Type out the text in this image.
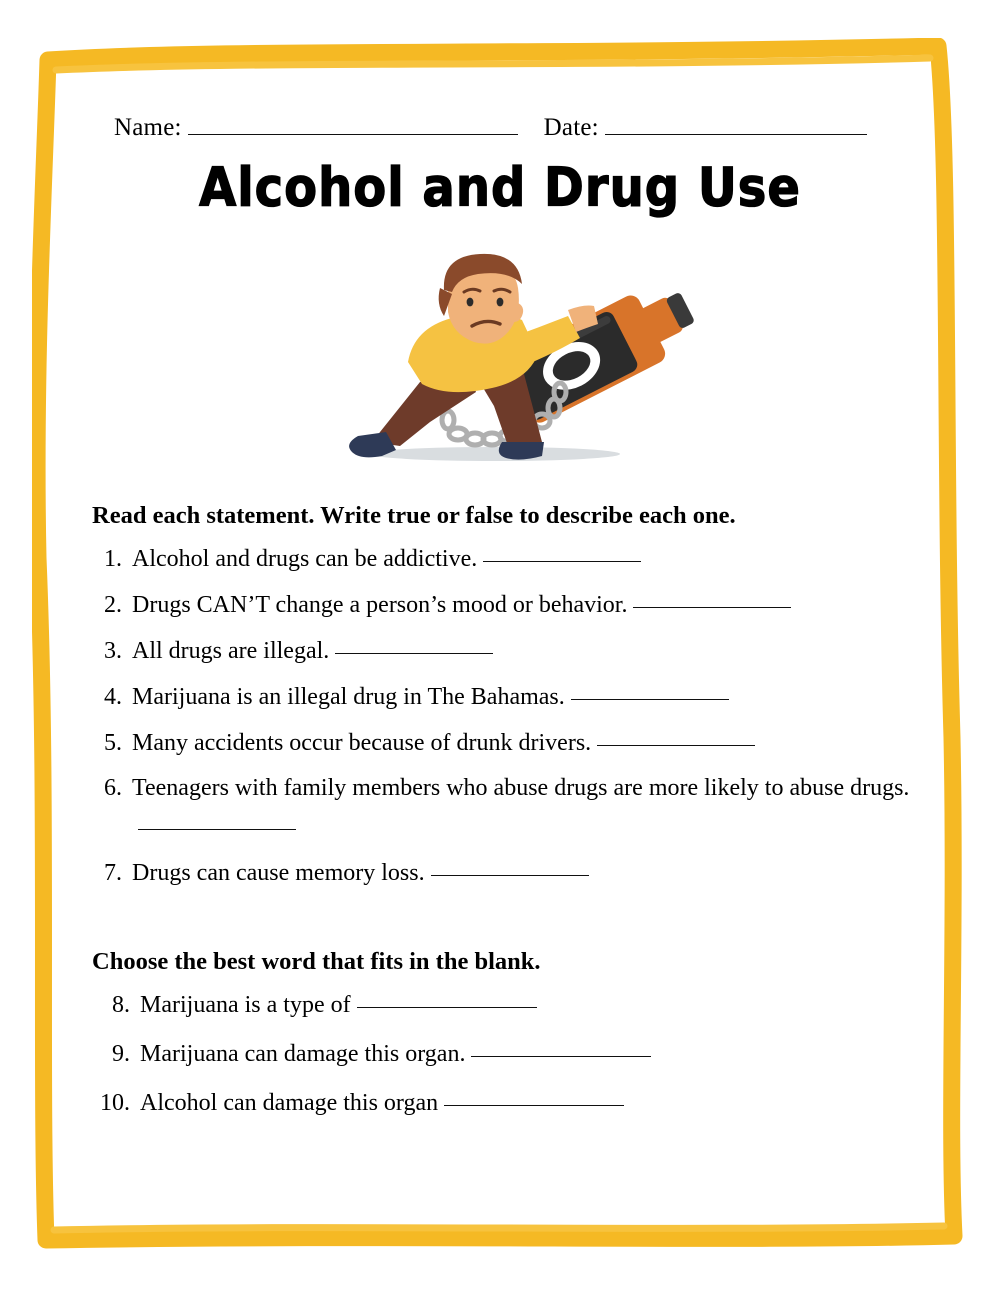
Name:	Date:
Alcohol and Drug Use
Read each statement. Write true or false to describe each one.
1. Alcohol and drugs can be addictive.
2. Drugs CAN’T change a person’s mood or behavior.
3. All drugs are illegal.
4. Marijuana is an illegal drug in The Bahamas.
5. Many accidents occur because of drunk drivers.
6. Teenagers with family members who abuse drugs are more likely to abuse drugs.
7. Drugs can cause memory loss.
Choose the best word that fits in the blank.
8. Marijuana is a type of
9. Marijuana can damage this organ.
10. Alcohol can damage this organ
